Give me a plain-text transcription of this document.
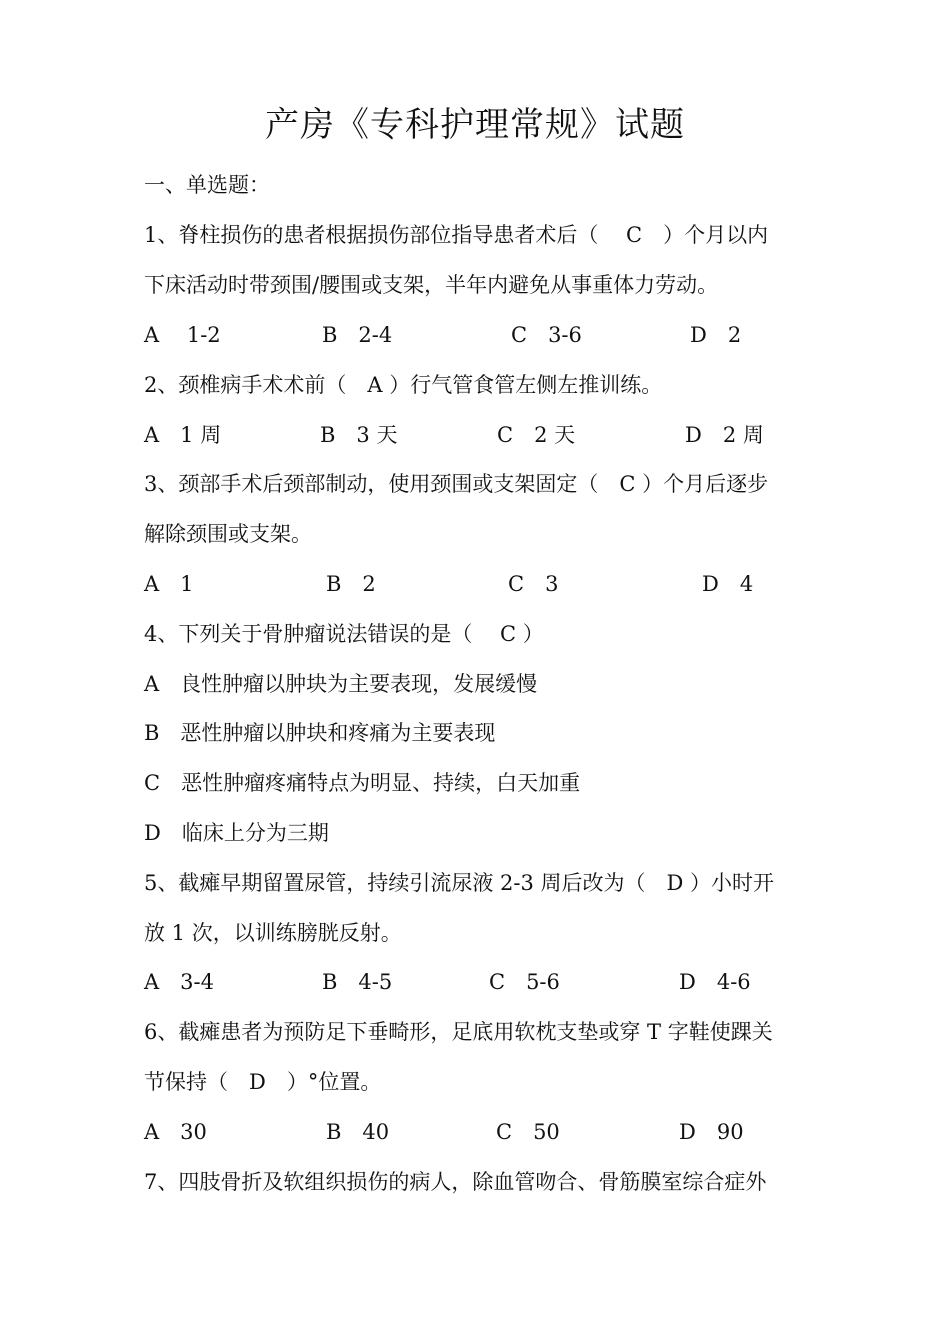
产房《专科护理常规》试题
一、单选题：
1、脊柱损伤的患者根据损伤部位指导患者术后（　 C　）个月以内
下床活动时带颈围/腰围或支架，半年内避免从事重体力劳动。
A　 1-2	B　2-4	C　3-6	D　2
2、颈椎病手术术前（　A ）行气管食管左侧左推训练。
A　1 周	B　3 天	C　2 天	D　2 周
3、颈部手术后颈部制动，使用颈围或支架固定（　C ）个月后逐步
解除颈围或支架。
A　1	B　2	C　3	D　4
4、下列关于骨肿瘤说法错误的是（　 C ）
A　良性肿瘤以肿块为主要表现，发展缓慢
B　恶性肿瘤以肿块和疼痛为主要表现
C　恶性肿瘤疼痛特点为明显、持续，白天加重
D　临床上分为三期
5、截瘫早期留置尿管，持续引流尿液 2-3 周后改为（　D ）小时开
放 1 次，以训练膀胱反射。
A　3-4	B　4-5	C　5-6	D　4-6
6、截瘫患者为预防足下垂畸形，足底用软枕支垫或穿 T 字鞋使踝关
节保持（　D　）°位置。
A　30	B　40	C　50	D　90
7、四肢骨折及软组织损伤的病人，除血管吻合、骨筋膜室综合症外
